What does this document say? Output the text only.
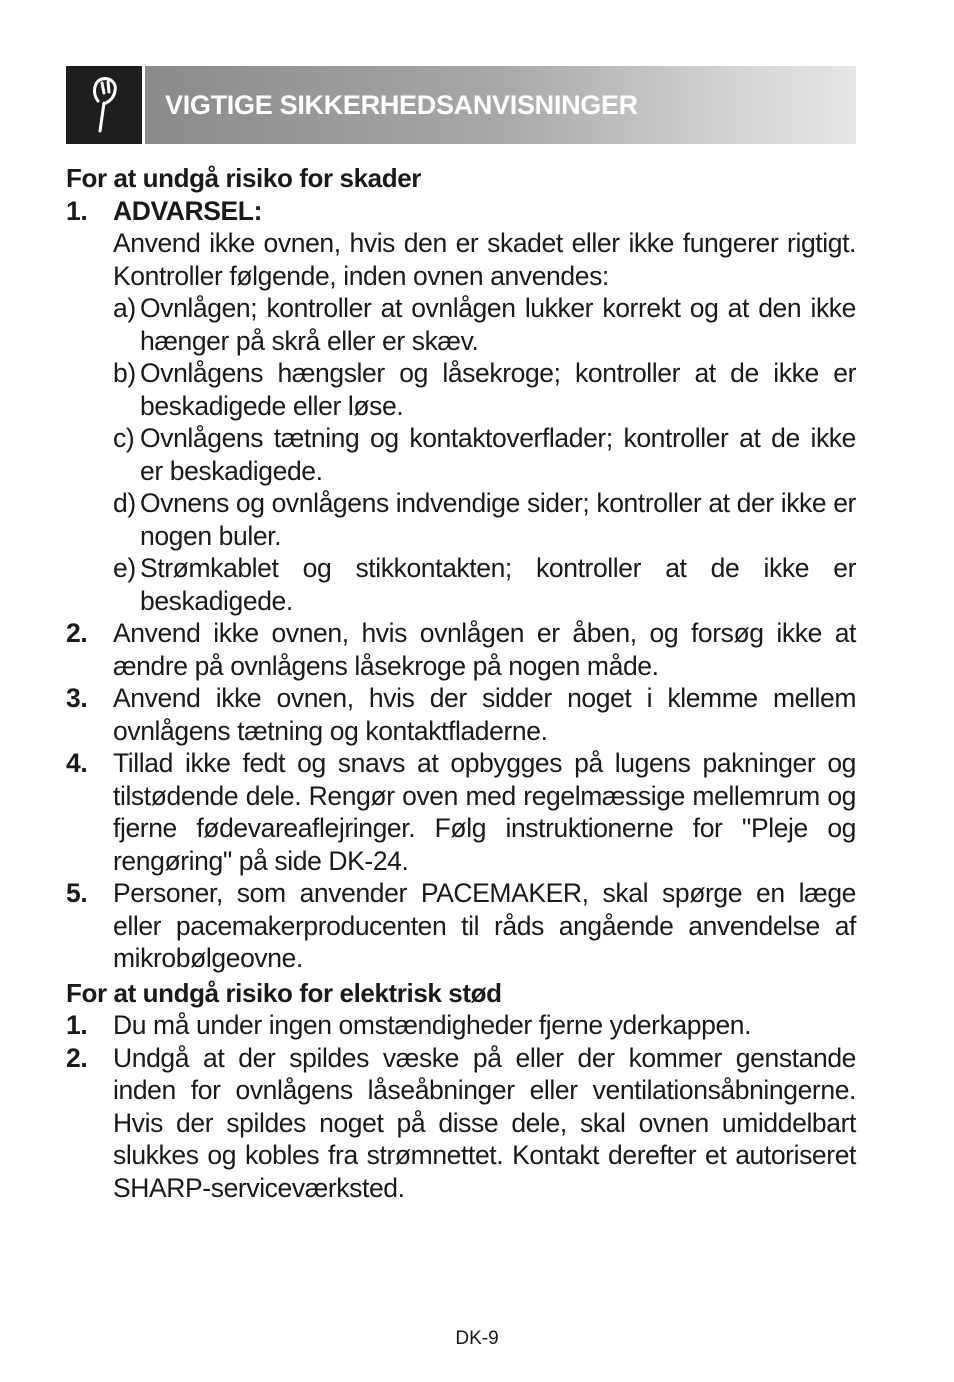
VIGTIGE SIKKERHEDSANVISNINGER
For at undgå risiko for skader
1. ADVARSEL:
Anvend ikke ovnen, hvis den er skadet eller ikke fungerer rigtigt. Kontroller følgende, inden ovnen anvendes:
a) Ovnlågen; kontroller at ovnlågen lukker korrekt og at den ikke hænger på skrå eller er skæv.
b) Ovnlågens hængsler og låsekroge; kontroller at de ikke er beskadigede eller løse.
c) Ovnlågens tætning og kontaktoverflader; kontroller at de ikke er beskadigede.
d) Ovnens og ovnlågens indvendige sider; kontroller at der ikke er nogen buler.
e) Strømkablet og stikkontakten; kontroller at de ikke er beskadigede.
2. Anvend ikke ovnen, hvis ovnlågen er åben, og forsøg ikke at ændre på ovnlågens låsekroge på nogen måde.
3. Anvend ikke ovnen, hvis der sidder noget i klemme mellem ovnlågens tætning og kontaktfladerne.
4. Tillad ikke fedt og snavs at opbygges på lugens pakninger og tilstødende dele. Rengør oven med regelmæssige mellemrum og fjerne fødevareaflejringer. Følg instruktionerne for "Pleje og rengøring" på side DK-24.
5. Personer, som anvender PACEMAKER, skal spørge en læge eller pacemakerproducenten til råds angående anvendelse af mikrobølgeovne.
For at undgå risiko for elektrisk stød
1. Du må under ingen omstændigheder fjerne yderkappen.
2. Undgå at der spildes væske på eller der kommer genstande inden for ovnlågens låseåbninger eller ventilationsåbningerne. Hvis der spildes noget på disse dele, skal ovnen umiddelbart slukkes og kobles fra strømnettet. Kontakt derefter et autoriseret SHARP-serviceværksted.
DK-9
